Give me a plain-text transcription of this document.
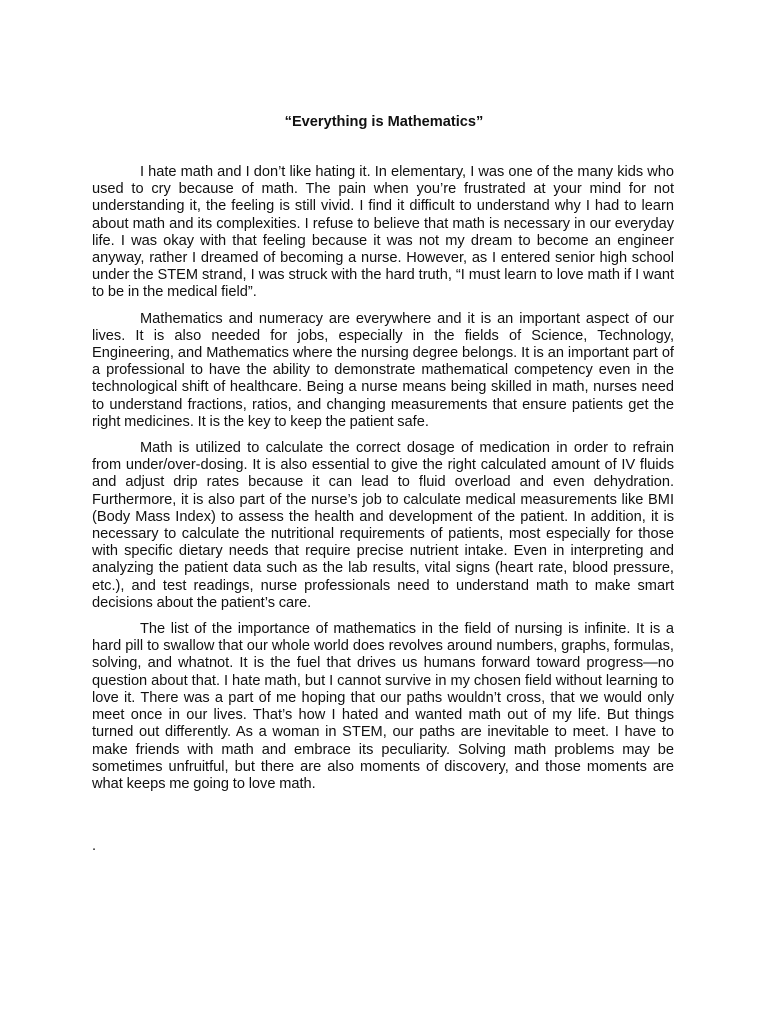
“Everything is Mathematics”

I hate math and I don’t like hating it. In elementary, I was one of the many kids who used to cry because of math. The pain when you’re frustrated at your mind for not understanding it, the feeling is still vivid. I find it difficult to understand why I had to learn about math and its complexities. I refuse to believe that math is necessary in our everyday life. I was okay with that feeling because it was not my dream to become an engineer anyway, rather I dreamed of becoming a nurse. However, as I entered senior high school under the STEM strand, I was struck with the hard truth, “I must learn to love math if I want to be in the medical field”.

Mathematics and numeracy are everywhere and it is an important aspect of our lives. It is also needed for jobs, especially in the fields of Science, Technology, Engineering, and Mathematics where the nursing degree belongs. It is an important part of a professional to have the ability to demonstrate mathematical competency even in the technological shift of healthcare. Being a nurse means being skilled in math, nurses need to understand fractions, ratios, and changing measurements that ensure patients get the right medicines. It is the key to keep the patient safe.

Math is utilized to calculate the correct dosage of medication in order to refrain from under/over-dosing. It is also essential to give the right calculated amount of IV fluids and adjust drip rates because it can lead to fluid overload and even dehydration. Furthermore, it is also part of the nurse’s job to calculate medical measurements like BMI (Body Mass Index) to assess the health and development of the patient. In addition, it is necessary to calculate the nutritional requirements of patients, most especially for those with specific dietary needs that require precise nutrient intake. Even in interpreting and analyzing the patient data such as the lab results, vital signs (heart rate, blood pressure, etc.), and test readings, nurse professionals need to understand math to make smart decisions about the patient’s care.

The list of the importance of mathematics in the field of nursing is infinite. It is a hard pill to swallow that our whole world does revolves around numbers, graphs, formulas, solving, and whatnot. It is the fuel that drives us humans forward toward progress—no question about that. I hate math, but I cannot survive in my chosen field without learning to love it. There was a part of me hoping that our paths wouldn’t cross, that we would only meet once in our lives. That’s how I hated and wanted math out of my life. But things turned out differently. As a woman in STEM, our paths are inevitable to meet. I have to make friends with math and embrace its peculiarity. Solving math problems may be sometimes unfruitful, but there are also moments of discovery, and those moments are what keeps me going to love math.

.
